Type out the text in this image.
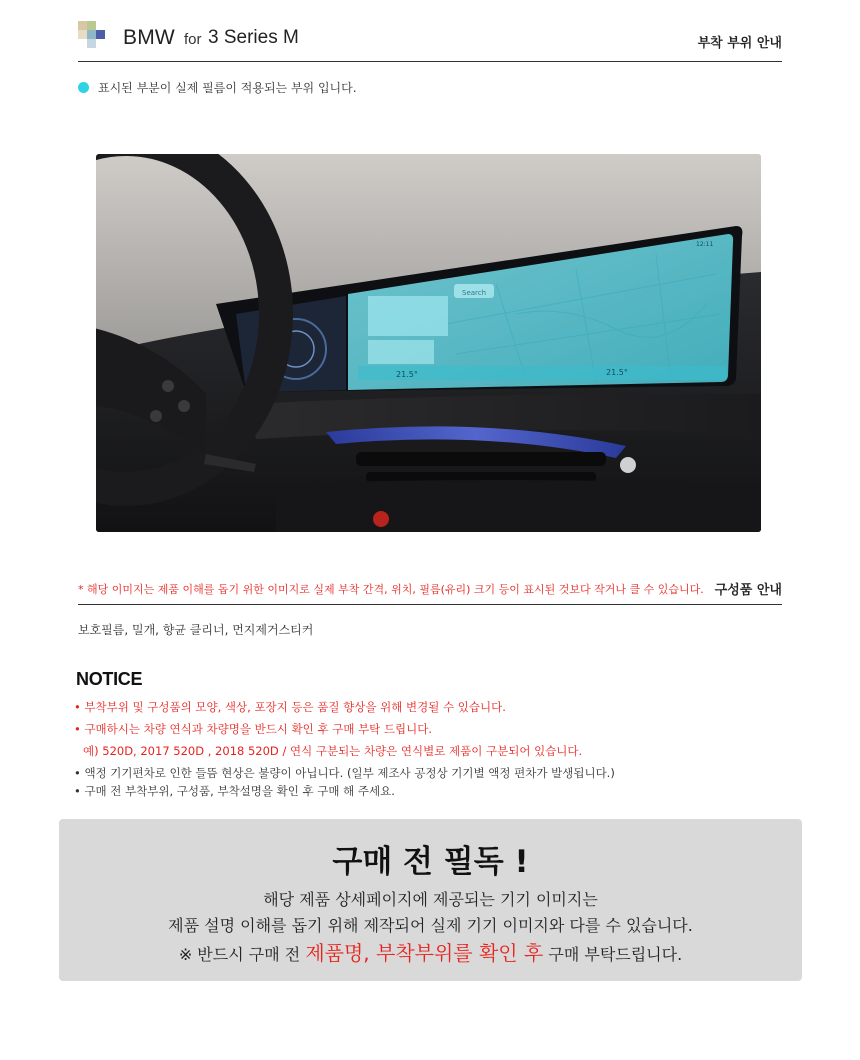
BMW for 3 Series M	부착 부위 안내
표시된 부분이 실제 필름이 적용되는 부위 입니다.
Search
21.5°	21.5°
12:11
* 해당 이미지는 제품 이해를 돕기 위한 이미지로 실제 부착 간격, 위치, 필름(유리) 크기 등이 표시된 것보다 작거나 클 수 있습니다. 구성품 안내
보호필름, 밀개, 향균 클리너, 먼지제거스티커
NOTICE
• 부착부위 및 구성품의 모양, 색상, 포장지 등은 품질 향상을 위해 변경될 수 있습니다.
• 구매하시는 차량 연식과 차량명을 반드시 확인 후 구매 부탁 드립니다.
예) 520D, 2017 520D , 2018 520D / 연식 구분되는 차량은 연식별로 제품이 구분되어 있습니다.
• 액정 기기편차로 인한 들뜸 현상은 불량이 아닙니다. (일부 제조사 공정상 기기별 액정 편차가 발생됩니다.)
• 구매 전 부착부위, 구성품, 부착설명을 확인 후 구매 해 주세요.
구매 전 필독 !
해당 제품 상세페이지에 제공되는 기기 이미지는
제품 설명 이해를 돕기 위해 제작되어 실제 기기 이미지와 다를 수 있습니다.
※ 반드시 구매 전 제품명, 부착부위를 확인 후 구매 부탁드립니다.
